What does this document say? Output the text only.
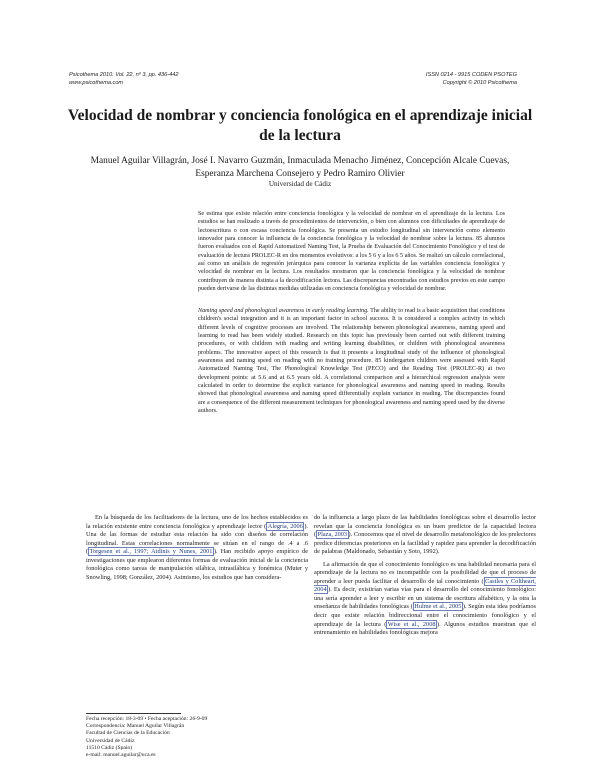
Psicothema 2010. Vol. 22, nº 3, pp. 436-442
www.psicothema.com
ISSN 0214 - 9915 CODEN PSOTEG
Copyright © 2010 Psicothema
Velocidad de nombrar y conciencia fonológica en el aprendizaje inicial de la lectura
Manuel Aguilar Villagrán, José I. Navarro Guzmán, Inmaculada Menacho Jiménez, Concepción Alcale Cuevas,
Esperanza Marchena Consejero y Pedro Ramiro Olivier
Universidad de Cádiz
Se estima que existe relación entre conciencia fonológica y la velocidad de nombrar en el aprendizaje de la lectura. Los estudios se han realizado a través de procedimientos de intervención, o bien con alumnos con dificultades de aprendizaje de lectoescritura o con escasa conciencia fonológica. Se presenta un estudio longitudinal sin intervención como elemento innovador para conocer la influencia de la conciencia fonológica y la velocidad de nombrar sobre la lectura. 85 alumnos fueron evaluados con el Rapid Automatized Naming Test, la Prueba de Evaluación del Conocimiento Fonológico y el test de evaluación de lectura PROLEC-R en dos momentos evolutivos: a los 5 6 y a los 6 5 años. Se realizó un cálculo correlacional, así como un análisis de regresión jerárquica para conocer la varianza explícita de las variables conciencia fonológica y velocidad de nombrar en la lectura. Los resultados mostraron que la conciencia fonológica y la velocidad de nombrar contribuyen de manera distinta a la decodificación lectora. Las discrepancias encontradas con estudios previos en este campo pueden derivarse de las distintas medidas utilizadas en conciencia fonológica y velocidad de nombrar.
Naming speed and phonological awareness in early reading learning. The ability to read is a basic acquisition that conditions children's social integration and it is an important factor in school success. It is considered a complex activity in which different levels of cognitive processes are involved. The relationship between phonological awareness, naming speed and learning to read has been widely studied. Research on this topic has previously been carried out with different training procedures, or with children with reading and writing learning disabilities, or children with phonological awareness problems. The innovative aspect of this research is that it presents a longitudinal study of the influence of phonological awareness and naming speed on reading with no training procedure. 85 kindergarten children were assessed with Rapid Automatized Naming Test, The Phonological Knowledge Test (PECO) and the Reading Test (PROLEC-R) at two development points: at 5.6 and at 6.5 years old. A correlational comparison and a hierarchical regression analysis were calculated in order to determine the explicit variance for phonological awareness and naming speed in reading. Results showed that phonological awareness and naming speed differentially explain variance in reading. The discrepancies found are a consequence of the different measurement techniques for phonological awareness and naming speed used by the diverse authors.

En la búsqueda de los facilitadores de la lectura, uno de los hechos establecidos es la relación existente entre conciencia fonológica y aprendizaje lector ( Alegría, 2006 ). Una de las formas de estudiar esta relación ha sido con diseños de correlación longitudinal. Estas correlaciones normalmente se sitúan en el rango de .4 a .6 ( Torgesen et al., 1997; Aidinis y Nunes, 2001 ). Han recibido apoyo empírico de investigaciones que emplearon diferentes formas de evaluación inicial de la conciencia fonológica como tareas de manipulación silábica, intrasilábica y fonémica (Muter y Snowling, 1998; González, 2004). Asimismo, los estudios que han considera-

do la influencia a largo plazo de las habilidades fonológicas sobre el desarrollo lector revelan que la conciencia fonológica es un buen predictor de la capacidad lectora ( Plaza, 2003 ). Conocemos que el nivel de desarrollo metafonológico de los prelectores predice diferencias posteriores en la facilidad y rapidez para aprender la decodificación de palabras (Maldonado, Sebastián y Soto, 1992).

La afirmación de que el conocimiento fonológico es una habilidad necesaria para el aprendizaje de la lectura no es incompatible con la posibilidad de que el proceso de aprender a leer pueda facilitar el desarrollo de tal conocimiento ( Castles y Coltheart, 2004 ). Es decir, existirían varias vías para el desarrollo del conocimiento fonológico: una sería aprender a leer y escribir en un sistema de escritura alfabético, y la otra la enseñanza de habilidades fonológicas ( Hulme et al., 2005 ). Según esta idea podríamos decir que existe relación bidireccional entre el conocimiento fonológico y el aprendizaje de la lectura ( Wise et al., 2008 ). Algunos estudios muestran que el entrenamiento en habilidades fonológicas mejora

Fecha recepción: 18-3-09 • Fecha aceptación: 26-9-09
Correspondencia: Manuel Aguilar Villagrán
Facultad de Ciencias de la Educación
Universidad de Cádiz
11510 Cádiz (Spain)
e-mail: manuel.aguilar@uca.es
